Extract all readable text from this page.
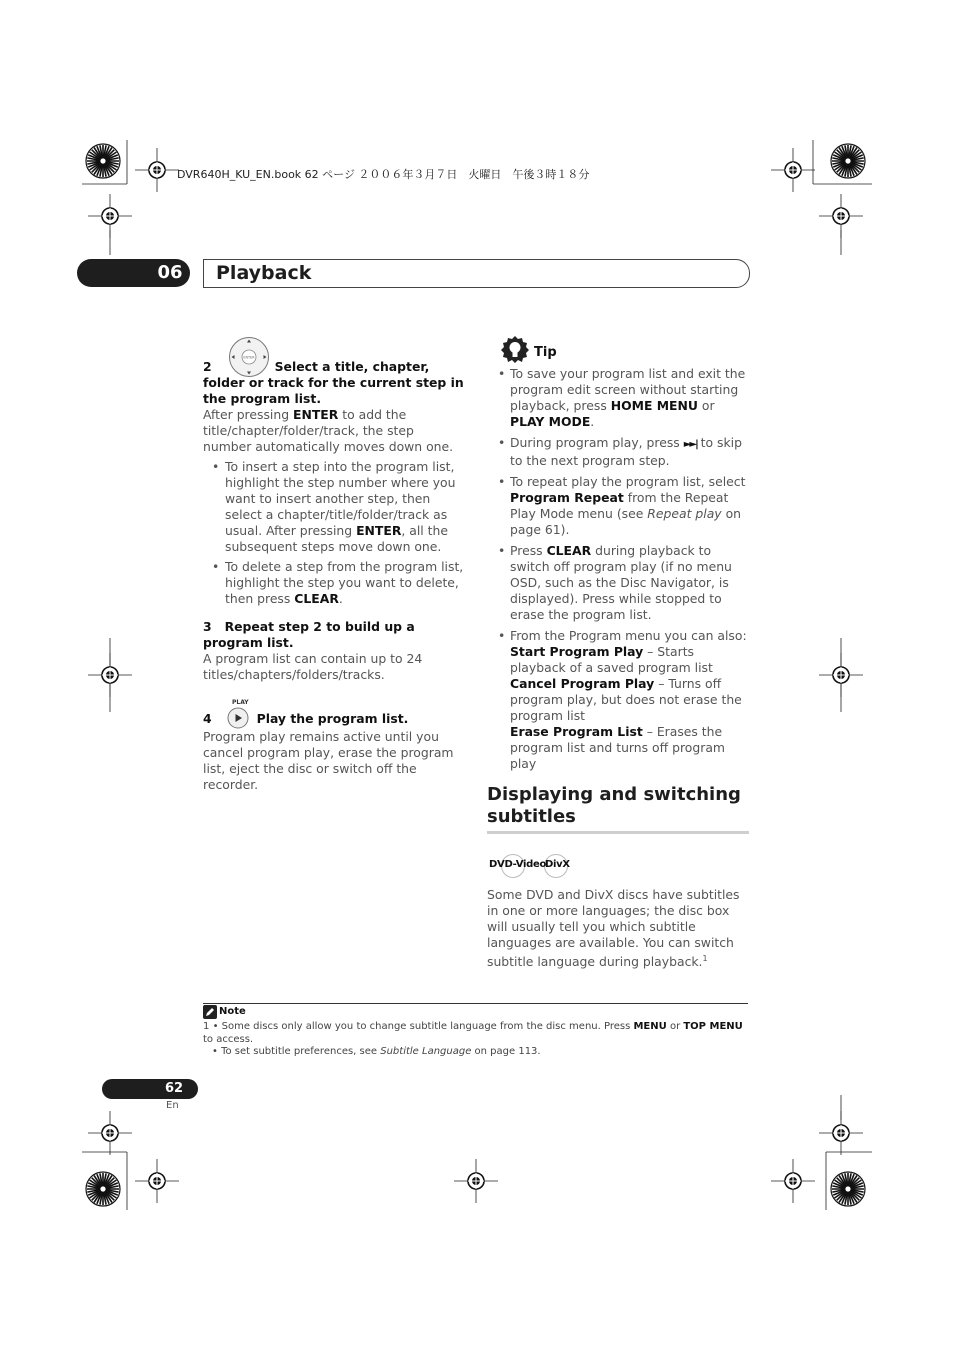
DVR640H_KU_EN.book 62 ページ ２００６年３月７日　火曜日　午後３時１８分
06	Playback
ENTER
2	Select a title, chapter, folder or track for the current step in the program list.
After pressing ENTER to add the title/chapter/folder/track, the step number automatically moves down one.
• To insert a step into the program list, highlight the step number where you want to insert another step, then select a chapter/title/folder/track as usual. After pressing ENTER, all the subsequent steps move down one.
• To delete a step from the program list, highlight the step you want to delete, then press CLEAR.
3 Repeat step 2 to build up a program list.
A program list can contain up to 24 titles/chapters/folders/tracks.
PLAY
4	Play the program list.
Program play remains active until you cancel program play, erase the program list, eject the disc or switch off the recorder.
Tip
• To save your program list and exit the program edit screen without starting playback, press HOME MENU or PLAY MODE.
• During program play, press ►►| to skip to the next program step.
• To repeat play the program list, select Program Repeat from the Repeat Play Mode menu (see Repeat play on page 61).
• Press CLEAR during playback to switch off program play (if no menu OSD, such as the Disc Navigator, is displayed). Press while stopped to erase the program list.
• From the Program menu you can also:
Start Program Play – Starts playback of a saved program list
Cancel Program Play – Turns off program play, but does not erase the program list
Erase Program List – Erases the program list and turns off program play
Displaying and switching subtitles
DVD-Video
DivX
Some DVD and DivX discs have subtitles in one or more languages; the disc box will usually tell you which subtitle languages are available. You can switch subtitle language during playback.$^1$
Note
1 • Some discs only allow you to change subtitle language from the disc menu. Press MENU or TOP MENU to access.
• To set subtitle preferences, see Subtitle Language on page 113.
62
En
